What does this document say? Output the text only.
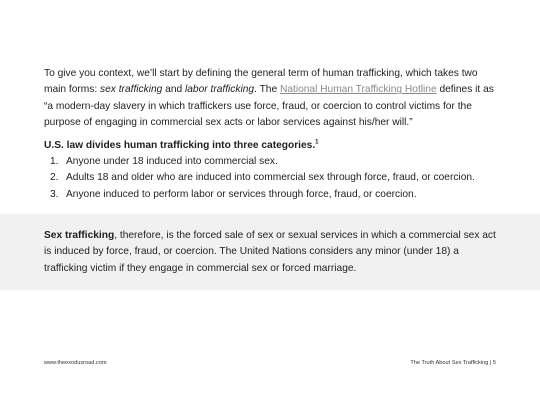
To give you context, we’ll start by defining the general term of human trafficking, which takes two main forms: sex trafficking and labor trafficking. The National Human Trafficking Hotline defines it as “a modern-day slavery in which traffickers use force, fraud, or coercion to control victims for the purpose of engaging in commercial sex acts or labor services against his/her will.”

U.S. law divides human trafficking into three categories.$^1$

1. Anyone under 18 induced into commercial sex.
2. Adults 18 and older who are induced into commercial sex through force, fraud, or coercion.
3. Anyone induced to perform labor or services through force, fraud, or coercion.

Sex trafficking, therefore, is the forced sale of sex or sexual services in which a commercial sex act is induced by force, fraud, or coercion. The United Nations considers any minor (under 18) a trafficking victim if they engage in commercial sex or forced marriage.

www.theexodusroad.com	The Truth About Sex Trafficking | 5
